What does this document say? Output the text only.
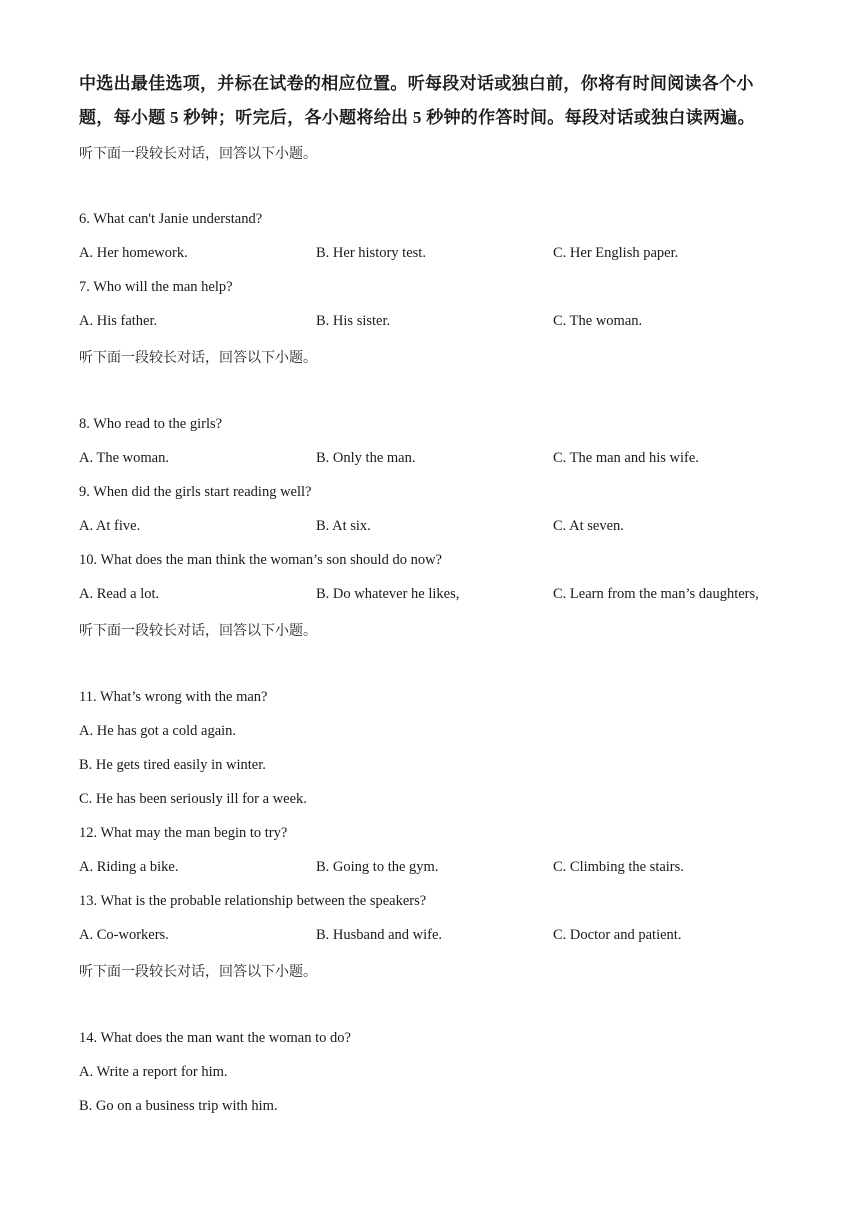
中选出最佳选项，并标在试卷的相应位置。听每段对话或独白前，你将有时间阅读各个小
题，每小题 5 秒钟；听完后，各小题将给出 5 秒钟的作答时间。每段对话或独白读两遍。
听下面一段较长对话，回答以下小题。
6. What can't Janie understand?
A. Her homework.	B. Her history test.	C. Her English paper.
7. Who will the man help?
A. His father.	B. His sister.	C. The woman.
听下面一段较长对话，回答以下小题。
8. Who read to the girls?
A. The woman.	B. Only the man.	C. The man and his wife.
9. When did the girls start reading well?
A. At five.	B. At six.	C. At seven.
10. What does the man think the woman’s son should do now?
A. Read a lot.	B. Do whatever he likes,	C. Learn from the man’s daughters,
听下面一段较长对话，回答以下小题。
11. What’s wrong with the man?
A. He has got a cold again.
B. He gets tired easily in winter.
C. He has been seriously ill for a week.
12. What may the man begin to try?
A. Riding a bike.	B. Going to the gym.	C. Climbing the stairs.
13. What is the probable relationship between the speakers?
A. Co-workers.	B. Husband and wife.	C. Doctor and patient.
听下面一段较长对话，回答以下小题。
14. What does the man want the woman to do?
A. Write a report for him.
B. Go on a business trip with him.
